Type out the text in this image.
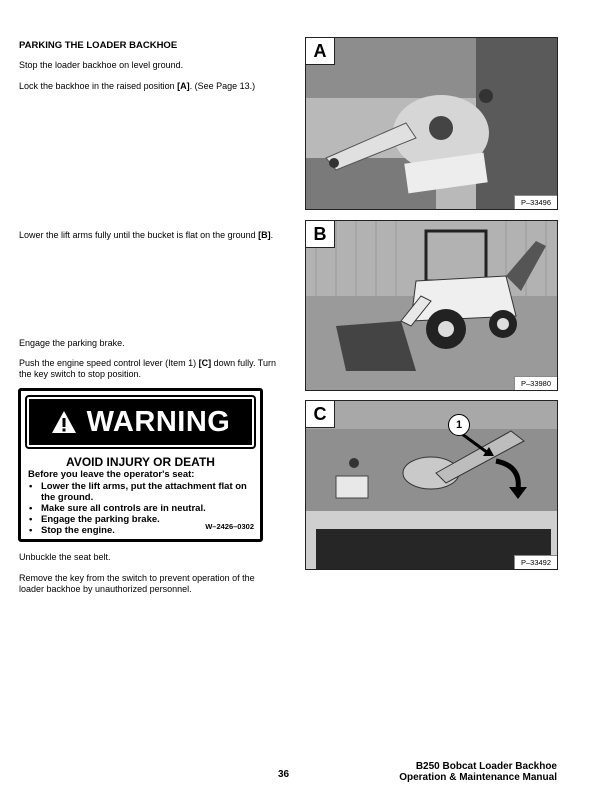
PARKING THE LOADER BACKHOE
Stop the loader backhoe on level ground.
Lock the backhoe in the raised position [A]. (See Page 13.)
Lower the lift arms fully until the bucket is flat on the ground [B].
Engage the parking brake.
Push the engine speed control lever (Item 1) [C] down fully. Turn the key switch to stop position.
WARNING
AVOID INJURY OR DEATH
Before you leave the operator's seat:
• Lower the lift arms, put the attachment flat on the ground.
• Make sure all controls are in neutral.
• Engage the parking brake.
• Stop the engine.	W–2426–0302
Unbuckle the seat belt.
Remove the key from the switch to prevent operation of the loader backhoe by unauthorized personnel.
A
P–33496
B
P–33980
1
C
P–33492
36
B250 Bobcat Loader Backhoe
Operation & Maintenance Manual
